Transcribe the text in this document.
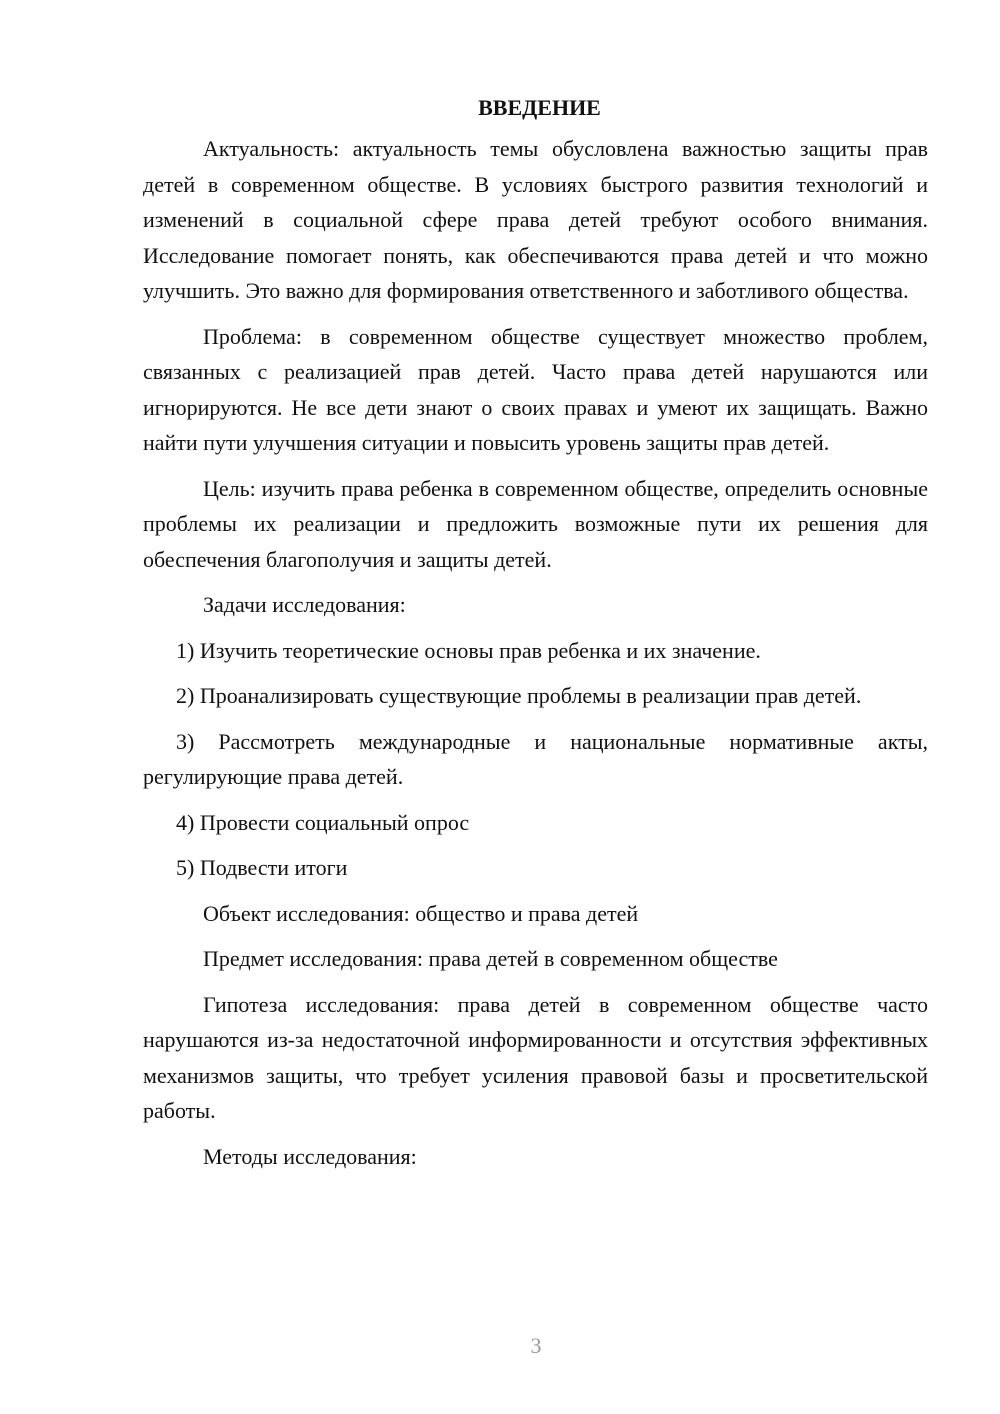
ВВЕДЕНИЕ

Актуальность: актуальность темы обусловлена важностью защиты прав детей в современном обществе. В условиях быстрого развития технологий и изменений в социальной сфере права детей требуют особого внимания. Исследование помогает понять, как обеспечиваются права детей и что можно улучшить. Это важно для формирования ответственного и заботливого общества.

Проблема: в современном обществе существует множество проблем, связанных с реализацией прав детей. Часто права детей нарушаются или игнорируются. Не все дети знают о своих правах и умеют их защищать. Важно найти пути улучшения ситуации и повысить уровень защиты прав детей.

Цель: изучить права ребенка в современном обществе, определить основные проблемы их реализации и предложить возможные пути их решения для обеспечения благополучия и защиты детей.

Задачи исследования:

1) Изучить теоретические основы прав ребенка и их значение.

2) Проанализировать существующие проблемы в реализации прав детей.

3) Рассмотреть международные и национальные нормативные акты, регулирующие права детей.

4) Провести социальный опрос

5) Подвести итоги

Объект исследования: общество и права детей

Предмет исследования: права детей в современном обществе

Гипотеза исследования: права детей в современном обществе часто нарушаются из-за недостаточной информированности и отсутствия эффективных механизмов защиты, что требует усиления правовой базы и просветительской работы.

Методы исследования:

3
